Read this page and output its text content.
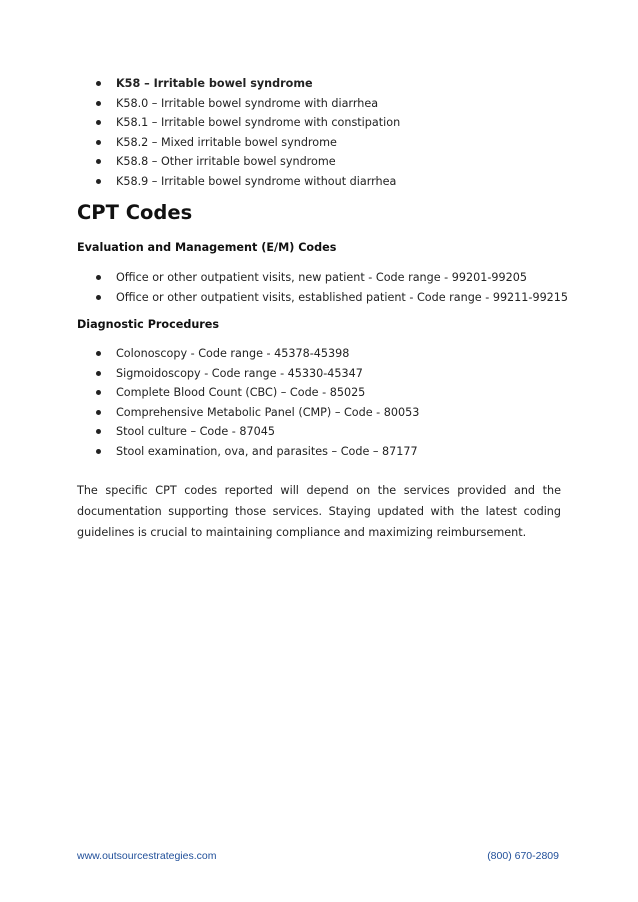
K58 – Irritable bowel syndrome
K58.0 – Irritable bowel syndrome with diarrhea
K58.1 – Irritable bowel syndrome with constipation
K58.2 – Mixed irritable bowel syndrome
K58.8 – Other irritable bowel syndrome
K58.9 – Irritable bowel syndrome without diarrhea
CPT Codes
Evaluation and Management (E/M) Codes
Office or other outpatient visits, new patient - Code range - 99201-99205
Office or other outpatient visits, established patient - Code range - 99211-99215
Diagnostic Procedures
Colonoscopy - Code range - 45378-45398
Sigmoidoscopy - Code range - 45330-45347
Complete Blood Count (CBC) – Code - 85025
Comprehensive Metabolic Panel (CMP) – Code - 80053
Stool culture – Code - 87045
Stool examination, ova, and parasites – Code – 87177

The specific CPT codes reported will depend on the services provided and the documentation supporting those services. Staying updated with the latest coding guidelines is crucial to maintaining compliance and maximizing reimbursement.

www.outsourcestrategies.com	(800) 670-2809
